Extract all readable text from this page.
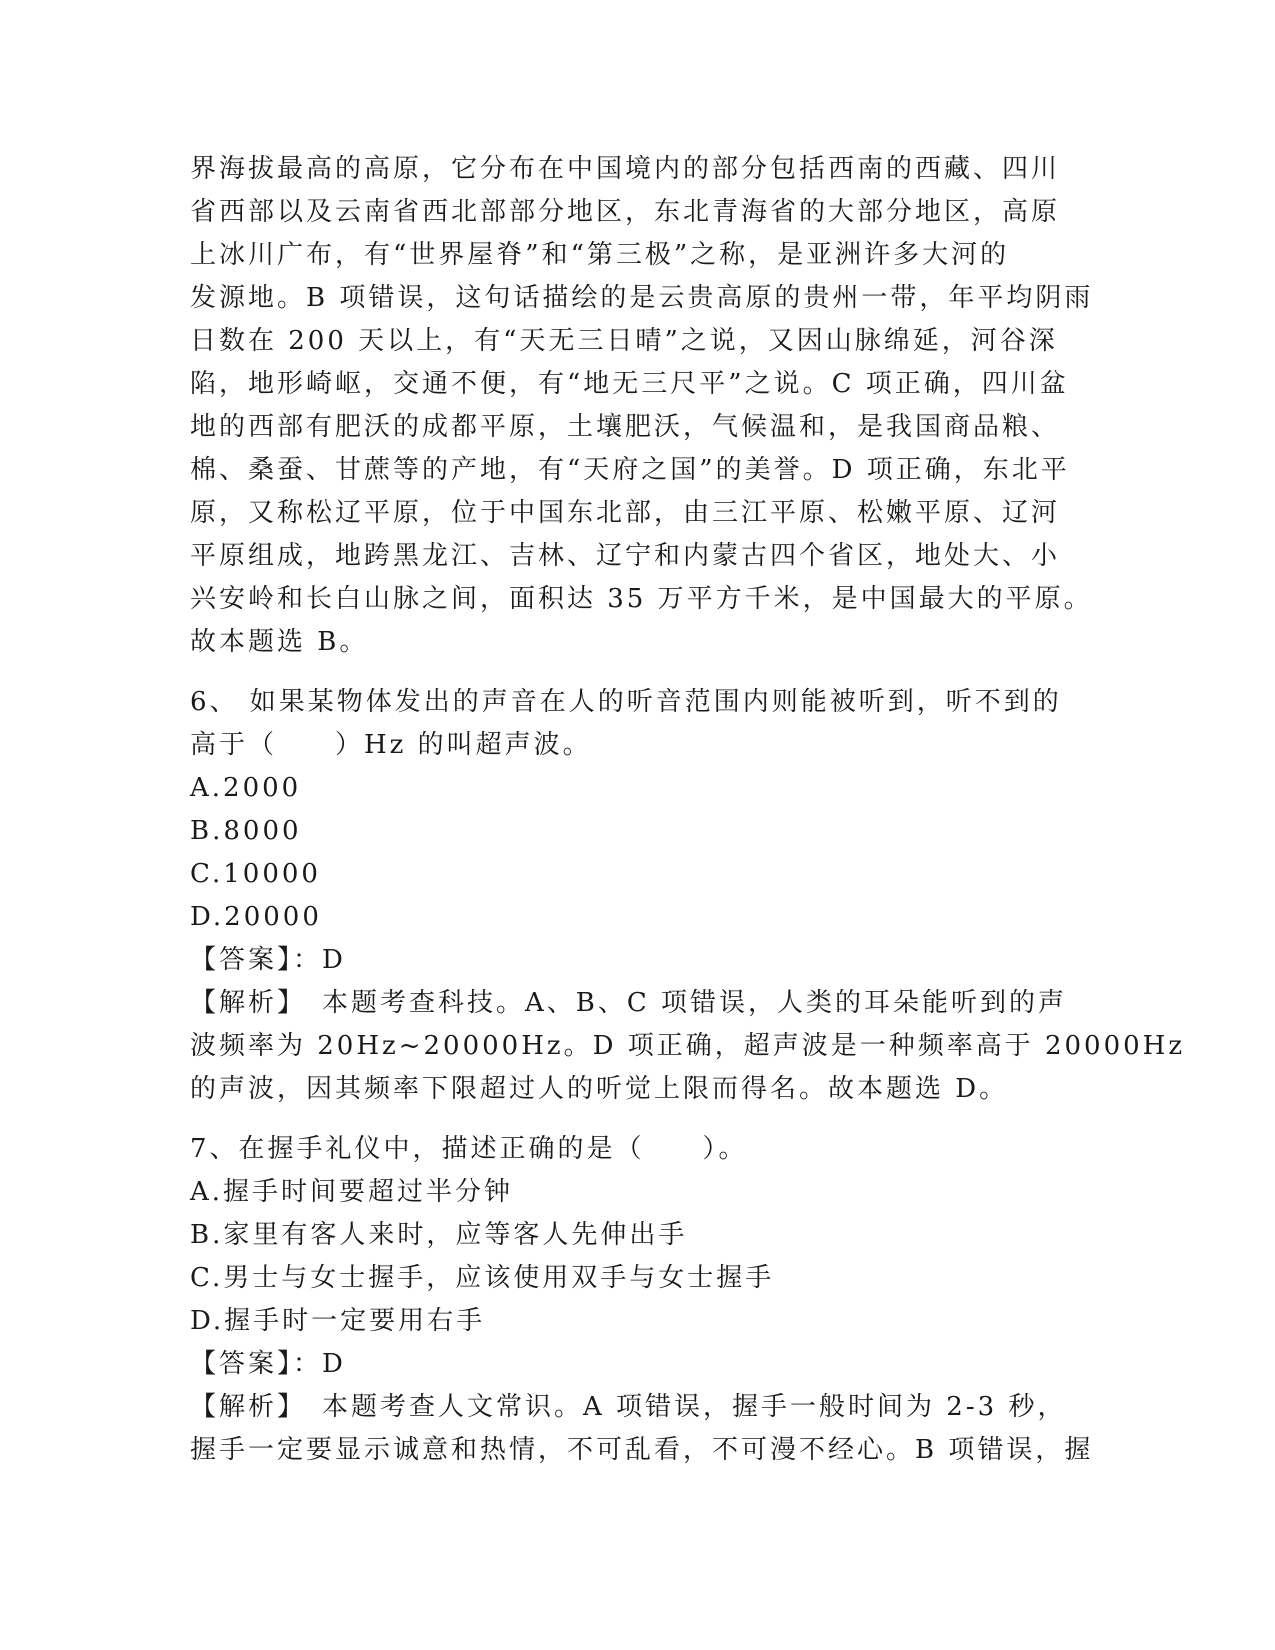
界海拔最高的高原，它分布在中国境内的部分包括西南的西藏、四川
省西部以及云南省西北部部分地区，东北青海省的大部分地区，高原
上冰川广布，有“世界屋脊”和“第三极”之称，是亚洲许多大河的
发源地。B 项错误，这句话描绘的是云贵高原的贵州一带，年平均阴雨
日数在 200 天以上，有“天无三日晴”之说，又因山脉绵延，河谷深
陷，地形崎岖，交通不便，有“地无三尺平”之说。C 项正确，四川盆
地的西部有肥沃的成都平原，土壤肥沃，气候温和，是我国商品粮、
棉、桑蚕、甘蔗等的产地，有“天府之国”的美誉。D 项正确，东北平
原，又称松辽平原，位于中国东北部，由三江平原、松嫩平原、辽河
平原组成，地跨黑龙江、吉林、辽宁和内蒙古四个省区，地处大、小
兴安岭和长白山脉之间，面积达 35 万平方千米，是中国最大的平原。
故本题选 B。
6、 如果某物体发出的声音在人的听音范围内则能被听到，听不到的
高于（　　）Hz 的叫超声波。
A.2000
B.8000
C.10000
D.20000
【答案】：D
【解析】　本题考查科技。A、B、C 项错误，人类的耳朵能听到的声
波频率为 20Hz~20000Hz。D 项正确，超声波是一种频率高于 20000Hz
的声波，因其频率下限超过人的听觉上限而得名。故本题选 D。
7、在握手礼仪中，描述正确的是（　　）。
A.握手时间要超过半分钟
B.家里有客人来时，应等客人先伸出手
C.男士与女士握手，应该使用双手与女士握手
D.握手时一定要用右手
【答案】：D
【解析】　本题考查人文常识。A 项错误，握手一般时间为 2-3 秒，
握手一定要显示诚意和热情，不可乱看，不可漫不经心。B 项错误，握
